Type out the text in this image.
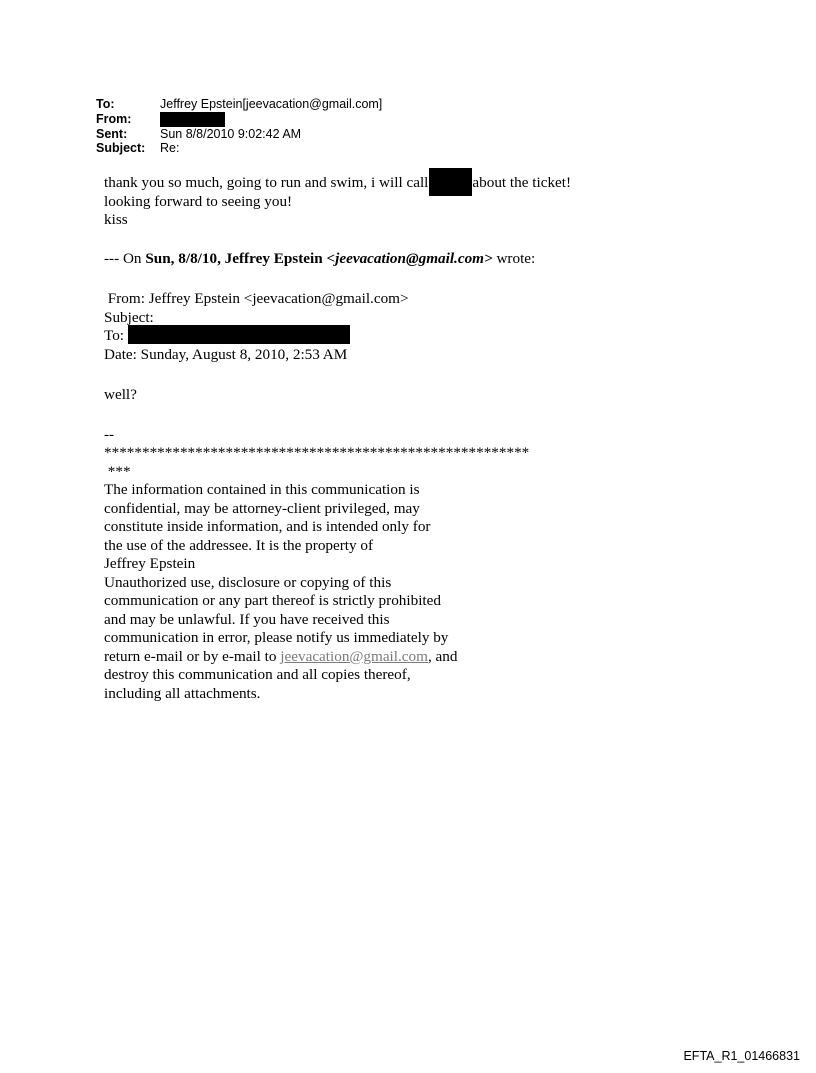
To:	Jeffrey Epstein[jeevacation@gmail.com]
From:
Sent:	Sun 8/8/2010 9:02:42 AM
Subject:	Re:
thank you so much, going to run and swim, i will call	about the ticket!
looking forward to seeing you!
kiss
--- On Sun, 8/8/10, Jeffrey Epstein <jeevacation@gmail.com> wrote:
From: Jeffrey Epstein <jeevacation@gmail.com>
Subject:
To:
Date: Sunday, August 8, 2010, 2:53 AM
well?
--
********************************************************
***
The information contained in this communication is
confidential, may be attorney-client privileged, may
constitute inside information, and is intended only for
the use of the addressee. It is the property of
Jeffrey Epstein
Unauthorized use, disclosure or copying of this
communication or any part thereof is strictly prohibited
and may be unlawful. If you have received this
communication in error, please notify us immediately by
return e-mail or by e-mail to jeevacation@gmail.com, and
destroy this communication and all copies thereof,
including all attachments.
EFTA_R1_01466831
